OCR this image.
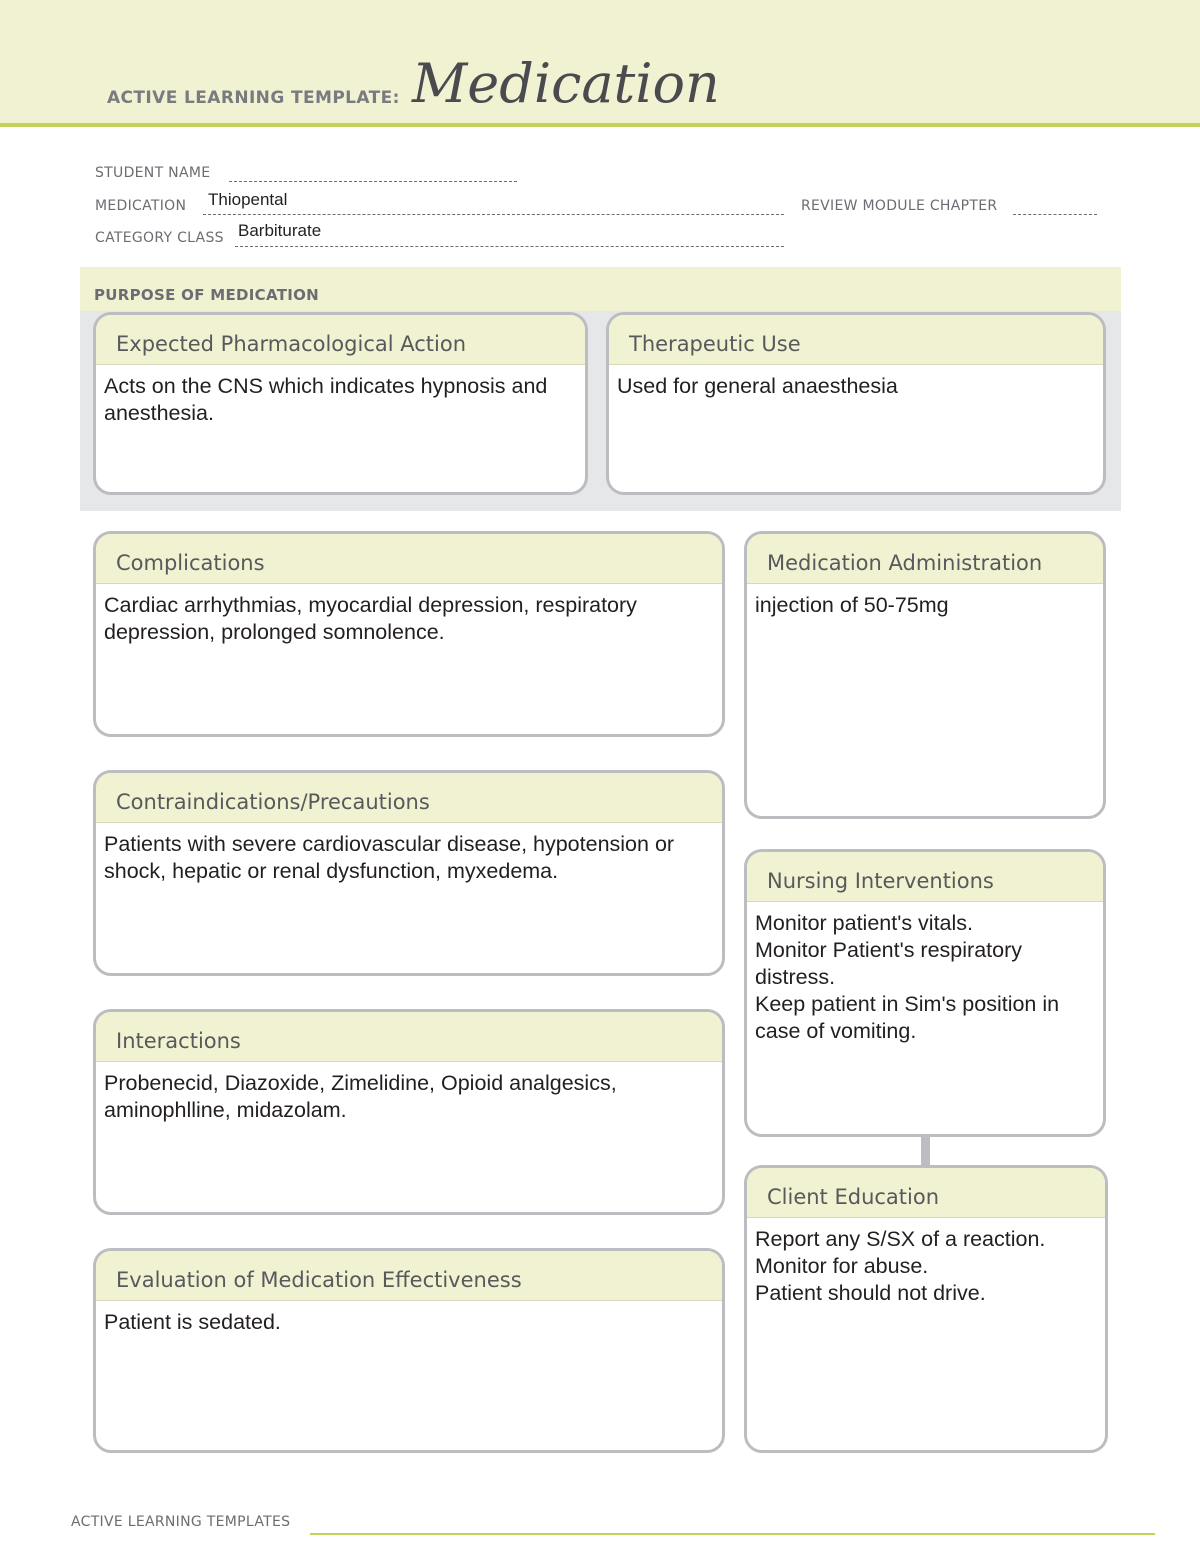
ACTIVE LEARNING TEMPLATE: Medication
STUDENT NAME
MEDICATION Thiopental	REVIEW MODULE CHAPTER
CATEGORY CLASS Barbiturate
PURPOSE OF MEDICATION
Expected Pharmacological Action
Acts on the CNS which indicates hypnosis and anesthesia.
Therapeutic Use
Used for general anaesthesia
Complications
Cardiac arrhythmias, myocardial depression, respiratory depression, prolonged somnolence.
Contraindications/Precautions
Patients with severe cardiovascular disease, hypotension or shock, hepatic or renal dysfunction, myxedema.
Interactions
Probenecid, Diazoxide, Zimelidine, Opioid analgesics, aminophlline, midazolam.
Evaluation of Medication Effectiveness
Patient is sedated.
Medication Administration
injection of 50-75mg
Nursing Interventions
Monitor patient's vitals.
Monitor Patient's respiratory distress.
Keep patient in Sim's position in case of vomiting.
Client Education
Report any S/SX of a reaction.
Monitor for abuse.
Patient should not drive.
ACTIVE LEARNING TEMPLATES
